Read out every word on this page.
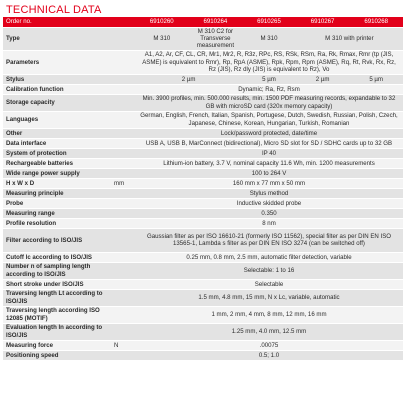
TECHNICAL DATA
Order no.		6910260	6910264	6910265	6910267	6910268
Type		M 310	M 310 C2 for Transverse measurement	M 310	M 310 with printer	
Parameters		A1, A2, Ar, CF, CL, CR, Mr1, Mr2, R, R3z, RPc, RS, RSk, RSm, Ra, Rk, Rmax, Rmr (tp (JIS, ASME) is equivalent to Rmr), Rp, RpA (ASME), Rpk, Rpm, Rpm (ASME), Rq, Rt, Rvk, Rx, Rz, Rz (JIS), Rz dly (JIS) is equivalent to Rz), Vo				
Stylus		2 µm		5 µm	2 µm	5 µm
Calibration function		Dynamic; Ra, Rz, Rsm				
Storage capacity		Min. 3900 profiles, min. 500.000 results, min. 1500 PDF measuring records, expandable to 32 GB with microSD card (320x memory capacity)				
Languages		German, English, French, Italian, Spanish, Portugese, Dutch, Swedish, Russian, Polish, Czech, Japanese, Chinese, Korean, Hungarian, Turkish, Romanian				
Other		Lock/password protected, date/time				
Data interface		USB A, USB B, MarConnect (bidirectional), Micro SD slot for SD / SDHC cards up to 32 GB				
System of protection		IP 40				
Rechargeable batteries		Lithium-ion battery, 3.7 V, nominal capacity 11.6 Wh, min. 1200 measurements				
Wide range power supply		100 to 264 V				
H x W x D	mm	160 mm x 77 mm x 50 mm				
Measuring principle		Stylus method				
Probe		Inductive skidded probe				
Measuring range		0.350				
Profile resolution		8 nm				
Filter according to ISO/JIS		Gaussian filter as per ISO 16610-21 (formerly ISO 11562), special filter as per DIN EN ISO 13565-1, Lambda s filter as per DIN EN ISO 3274 (can be switched off)				
Cutoff lc according to ISO/JIS		0.25 mm, 0.8 mm, 2.5 mm, automatic filter detection, variable				
Number n of sampling length according to ISO/JIS		Selectable: 1 to 16				
Short stroke under ISO/JIS		Selectable				
Traversing length Lt according to ISO/JIS		1.5 mm, 4.8 mm, 15 mm, N x Lc, variable, automatic				
Traversing length according ISO 12085 (MOTIF)		1 mm, 2 mm, 4 mm, 8 mm, 12 mm, 16 mm				
Evaluation length ln according to ISO/JIS		1.25 mm, 4.0 mm, 12.5 mm				
Measuring force	N	.00075				
Positioning speed		0.5; 1.0				
